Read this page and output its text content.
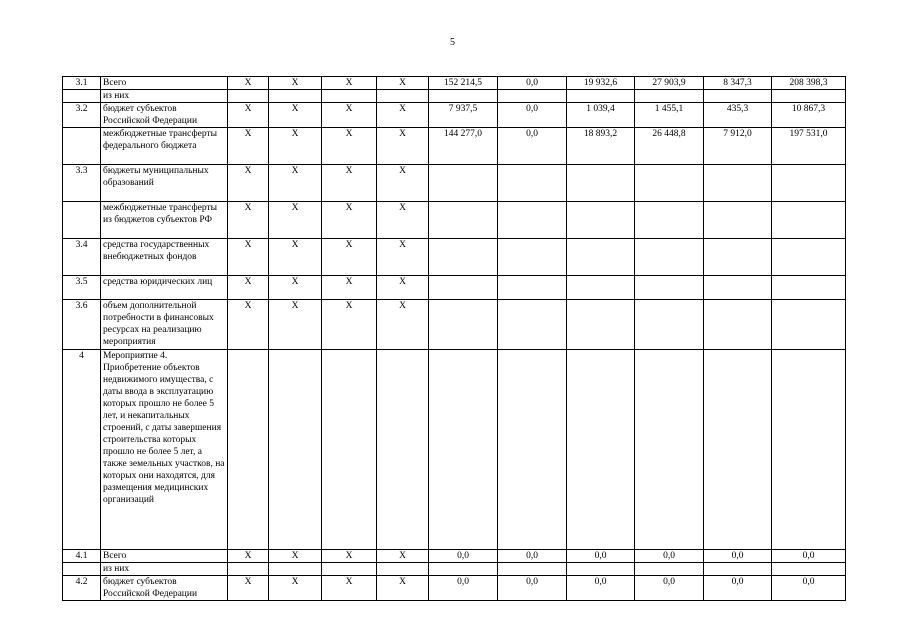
5
3.1	Всего	Х	Х	Х	Х	152 214,5	0,0	19 932,6	27 903,9	8 347,3	208 398,3
	из них										
3.2	бюджет субъектов Российской Федерации	Х	Х	Х	Х	7 937,5	0,0	1 039,4	1 455,1	435,3	10 867,3
	межбюджетные трансферты федерального бюджета	Х	Х	Х	Х	144 277,0	0,0	18 893,2	26 448,8	7 912,0	197 531,0
3.3	бюджеты муниципальных образований	Х	Х	Х	Х						
	межбюджетные трансферты из бюджетов субъектов РФ	Х	Х	Х	Х						
3.4	средства государственных внебюджетных фондов	Х	Х	Х	Х						
3.5	средства юридических лиц	Х	Х	Х	Х						
3.6	объем дополнительной потребности в финансовых ресурсах на реализацию мероприятия	Х	Х	Х	Х						
4	Мероприятие 4. Приобретение объектов недвижимого имущества, с даты ввода в эксплуатацию которых прошло не более 5 лет, и некапитальных строений, с даты завершения строительства которых прошло не более 5 лет, а также земельных участков, на которых они находятся, для размещения медицинских организаций										
4.1	Всего	Х	Х	Х	Х	0,0	0,0	0,0	0,0	0,0	0,0
	из них										
4.2	бюджет субъектов Российской Федерации	Х	Х	Х	Х	0,0	0,0	0,0	0,0	0,0	0,0
